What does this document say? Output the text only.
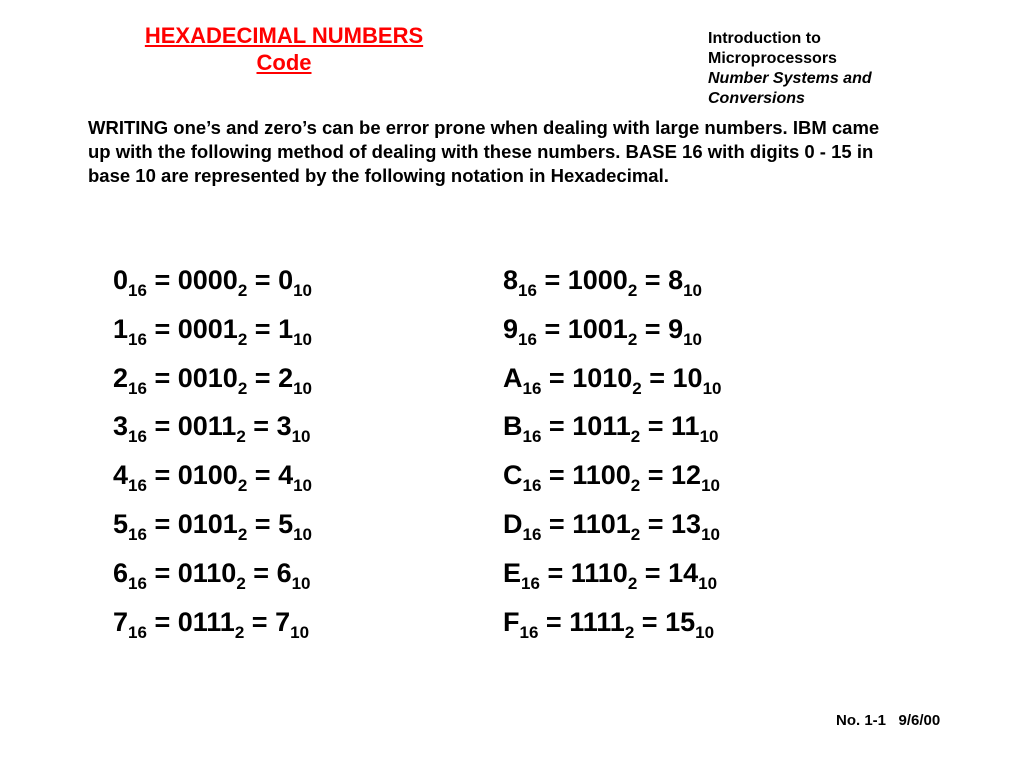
HEXADECIMAL NUMBERS
Code
Introduction to
Microprocessors
Number Systems and
Conversions

WRITING one’s and zero’s can be error prone when dealing with large numbers. IBM came up with the following method of dealing with these numbers. BASE 16 with digits 0 - 15 in base 10 are represented by the following notation in Hexadecimal.

$0_{16} = 0000_2 = 0_{10}$
$1_{16} = 0001_2 = 1_{10}$
$2_{16} = 0010_2 = 2_{10}$
$3_{16} = 0011_2 = 3_{10}$
$4_{16} = 0100_2 = 4_{10}$
$5_{16} = 0101_2 = 5_{10}$
$6_{16} = 0110_2 = 6_{10}$
$7_{16} = 0111_2 = 7_{10}$
$8_{16} = 1000_2 = 8_{10}$
$9_{16} = 1001_2 = 9_{10}$
$A_{16} = 1010_2 = 10_{10}$
$B_{16} = 1011_2 = 11_{10}$
$C_{16} = 1100_2 = 12_{10}$
$D_{16} = 1101_2 = 13_{10}$
$E_{16} = 1110_2 = 14_{10}$
$F_{16} = 1111_2 = 15_{10}$
No. 1-1 9/6/00
